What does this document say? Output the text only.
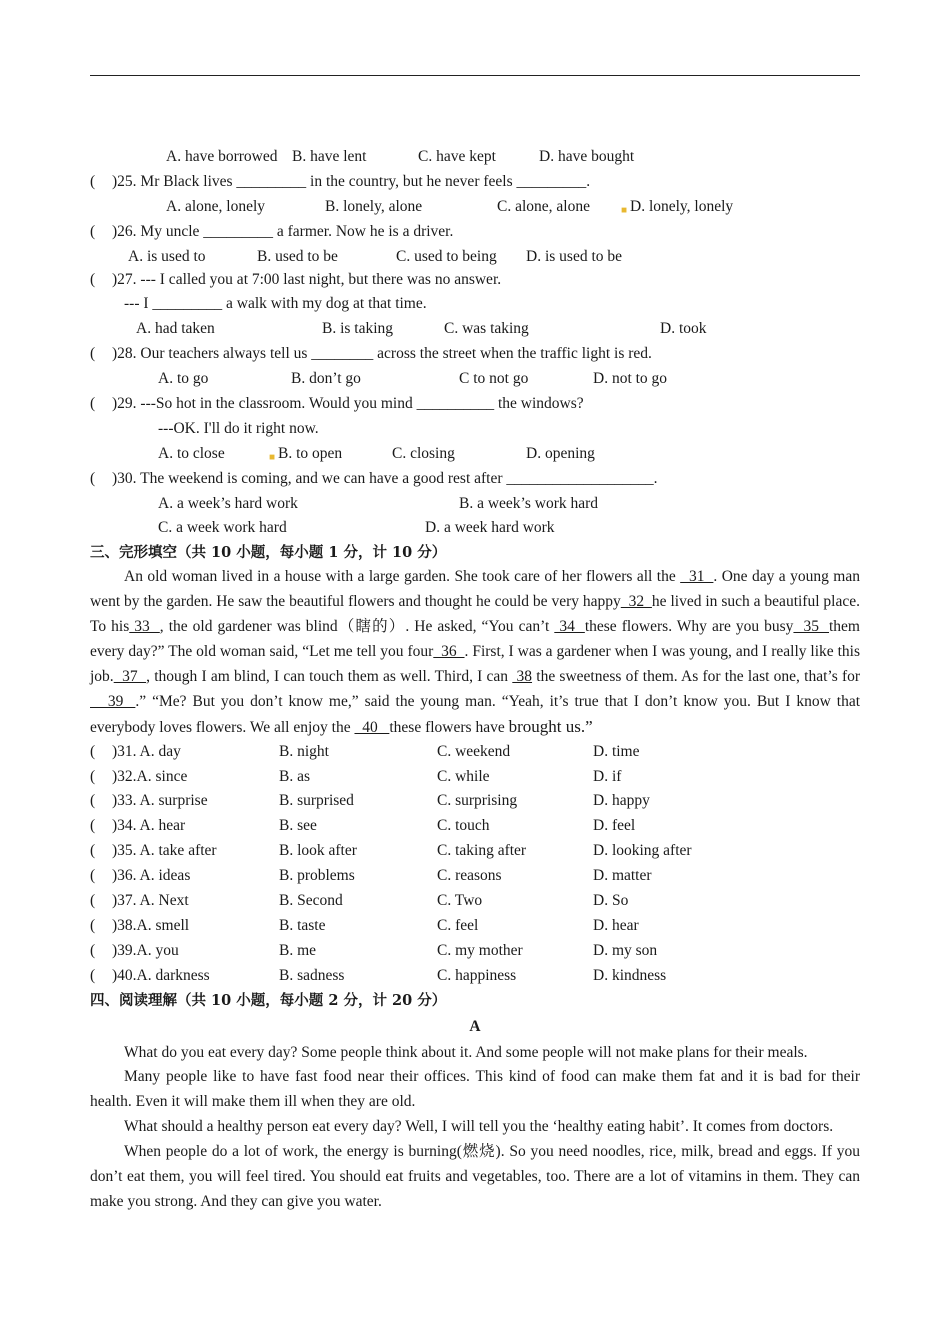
A. have borrowed B. have lent	C. have kept	D. have bought
( )25. Mr Black lives _________ in the country, but he never feels _________.
A. alone, lonely	B. lonely, alone	C. alone, alone	■ D. lonely, lonely
( )26. My uncle _________ a farmer. Now he is a driver.
A. is used to	B. used to be	C. used to being D. is used to be
( )27. --- I called you at 7:00 last night, but there was no answer.
--- I _________ a walk with my dog at that time.
A. had taken	B. is taking	C. was taking	D. took
( )28. Our teachers always tell us ________ across the street when the traffic light is red.
A. to go	B. don’t go	C to not go	D. not to go
( )29. ---So hot in the classroom. Would you mind __________ the windows?
---OK. I'll do it right now.
A. to close	■ B. to open	C. closing	D. opening
( )30. The weekend is coming, and we can have a good rest after ___________________.
A. a week’s hard work	B. a week’s work hard
C. a week work hard	D. a week hard work
三、完形填空（共 10 小题，每小题 1 分，计 10 分）

An old woman lived in a house with a large garden. She took care of her flowers all the   31  . One day a young man went by the garden. He saw the beautiful flowers and thought he could be very happy  32  he lived in such a beautiful place. To his 33  , the old gardener was blind（瞎的）. He asked, “You can’t  34  these flowers. Why are you busy  35  them every day?” The old woman said, “Let me tell you four  36  . First, I was a gardener when I was young, and I really like this job.  37  , though I am blind, I can touch them as well. Third, I can  38 the sweetness of them. As for the last one, that’s for    39  .” “Me? But you don’t know me,” said the young man. “Yeah, it’s true that I don’t know you. But I know that everybody loves flowers. We all enjoy the   40   these flowers have brought us.”

( )31. A. day	B. night	C. weekend	D. time
( )32.A. since	B. as	C. while	D. if
( )33. A. surprise	B. surprised	C. surprising	D. happy
( )34. A. hear	B. see	C. touch	D. feel
( )35. A. take after	B. look after	C. taking after	D. looking after
( )36. A. ideas	B. problems	C. reasons	D. matter
( )37. A. Next	B. Second	C. Two	D. So
( )38.A. smell	B. taste	C. feel	D. hear
( )39.A. you	B. me	C. my mother	D. my son
( )40.A. darkness	B. sadness	C. happiness	D. kindness
四、阅读理解（共 10 小题，每小题 2 分，计 20 分）
A

What do you eat every day? Some people think about it. And some people will not make plans for their meals.

Many people like to have fast food near their offices. This kind of food can make them fat and it is bad for their health. Even it will make them ill when they are old.

What should a healthy person eat every day? Well, I will tell you the ‘healthy eating habit’. It comes from doctors.

When people do a lot of work, the energy is burning(燃烧). So you need noodles, rice, milk, bread and eggs. If you don’t eat them, you will feel tired. You should eat fruits and vegetables, too. There are a lot of vitamins in them. They can make you strong. And they can give you water.
